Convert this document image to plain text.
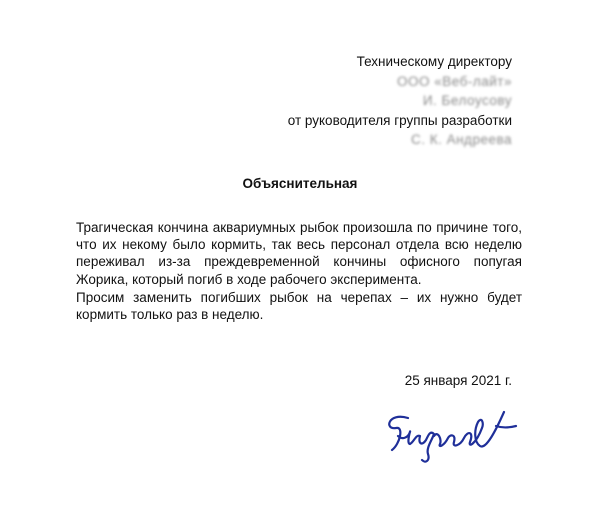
Техническому директору
ООО «Веб-лайт»
И. Белоусову
от руководителя группы разработки
С. К. Андреева
Объяснительная
Трагическая кончина аквариумных рыбок произошла по причине того, что их некому было кормить, так весь персонал отдела всю неделю переживал из-за преждевременной кончины офисного попугая Жорика, который погиб в ходе рабочего эксперимента.
Просим заменить погибших рыбок на черепах – их нужно будет кормить только раз в неделю.
25 января 2021 г.
